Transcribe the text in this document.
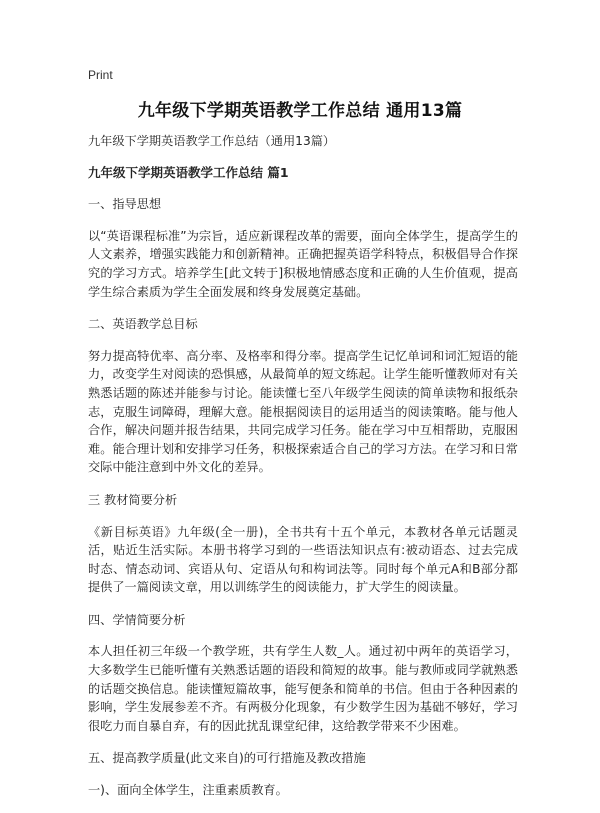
Print
九年级下学期英语教学工作总结 通用13篇

九年级下学期英语教学工作总结（通用13篇）

九年级下学期英语教学工作总结 篇1

一、指导思想

以“英语课程标准”为宗旨，适应新课程改革的需要，面向全体学生，提高学生的人文素养，增强实践能力和创新精神。正确把握英语学科特点，积极倡导合作探究的学习方式。培养学生[此文转于]积极地情感态度和正确的人生价值观，提高学生综合素质为学生全面发展和终身发展奠定基础。

二、英语教学总目标

努力提高特优率、高分率、及格率和得分率。提高学生记忆单词和词汇短语的能力，改变学生对阅读的恐惧感，从最简单的短文练起。让学生能听懂教师对有关熟悉话题的陈述并能参与讨论。能读懂七至八年级学生阅读的简单读物和报纸杂志，克服生词障碍，理解大意。能根据阅读目的运用适当的阅读策略。能与他人合作，解决问题并报告结果，共同完成学习任务。能在学习中互相帮助，克服困难。能合理计划和安排学习任务，积极探索适合自己的学习方法。在学习和日常交际中能注意到中外文化的差异。

三 教材简要分析

《新目标英语》九年级(全一册)，全书共有十五个单元，本教材各单元话题灵活，贴近生活实际。本册书将学习到的一些语法知识点有:被动语态、过去完成时态、情态动词、宾语从句、定语从句和构词法等。同时每个单元A和B部分都提供了一篇阅读文章，用以训练学生的阅读能力，扩大学生的阅读量。

四、学情简要分析

本人担任初三年级一个教学班，共有学生人数_人。通过初中两年的英语学习，大多数学生已能听懂有关熟悉话题的语段和简短的故事。能与教师或同学就熟悉的话题交换信息。能读懂短篇故事，能写便条和简单的书信。但由于各种因素的影响，学生发展参差不齐。有两极分化现象，有少数学生因为基础不够好，学习很吃力而自暴自弃，有的因此扰乱课堂纪律，这给教学带来不少困难。

五、提高教学质量(此文来自)的可行措施及教改措施

一)、面向全体学生，注重素质教育。
